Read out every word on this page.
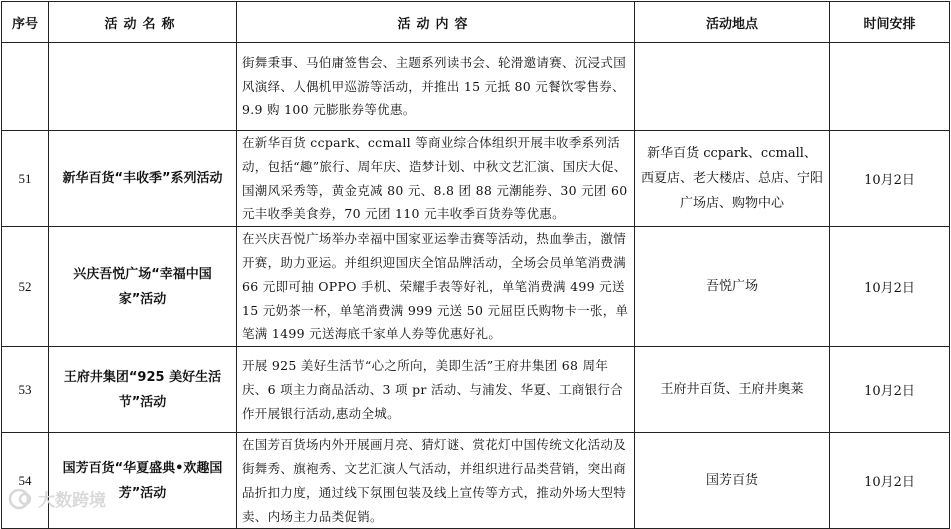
序号	活动名称	活动内容	活动地点	时间安排
		街舞秉事、马伯庸签售会、主题系列读书会、轮滑邀请赛、沉浸式国风演绎、人偶机甲巡游等活动，并推出 15 元抵 80 元餐饮零售券、9.9 购 100 元膨胀券等优惠。		
51	新华百货“丰收季”系列活动	在新华百货 ccpark、ccmall 等商业综合体组织开展丰收季系列活动，包括“趣”旅行、周年庆、造梦计划、中秋文艺汇演、国庆大促、国潮风采秀等，黄金克减 80 元、8.8 团 88 元潮能券、30 元团 60 元丰收季美食券，70 元团 110 元丰收季百货券等优惠。	新华百货 ccpark、ccmall、西夏店、老大楼店、总店、宁阳广场店、购物中心	10月2日
52	兴庆吾悦广场“幸福中国家”活动	在兴庆吾悦广场举办幸福中国家亚运拳击赛等活动，热血拳击，激情开赛，助力亚运。并组织迎国庆全馆品牌活动，全场会员单笔消费满 66 元即可抽 OPPO 手机、荣耀手表等好礼，单笔消费满 499 元送 15 元奶茶一杯，单笔消费满 999 元送 50 元屈臣氏购物卡一张，单笔满 1499 元送海底千家单人券等优惠好礼。	吾悦广场	10月2日
53	王府井集团“925 美好生活节”活动	开展 925 美好生活节“心之所向，美即生活”王府井集团 68 周年庆、6 项主力商品活动、3 项 pr 活动、与浦发、华夏、工商银行合作开展银行活动,惠动全城。	王府井百货、王府井奥莱	10月2日
54	国芳百货“华夏盛典•欢趣国芳”活动	在国芳百货场内外开展画月亮、猜灯谜、赏花灯中国传统文化活动及街舞秀、旗袍秀、文艺汇演人气活动，并组织进行品类营销，突出商品折扣力度，通过线下氛围包装及线上宣传等方式，推动外场大型特卖、内场主力品类促销。	国芳百货	10月2日
大数跨境
